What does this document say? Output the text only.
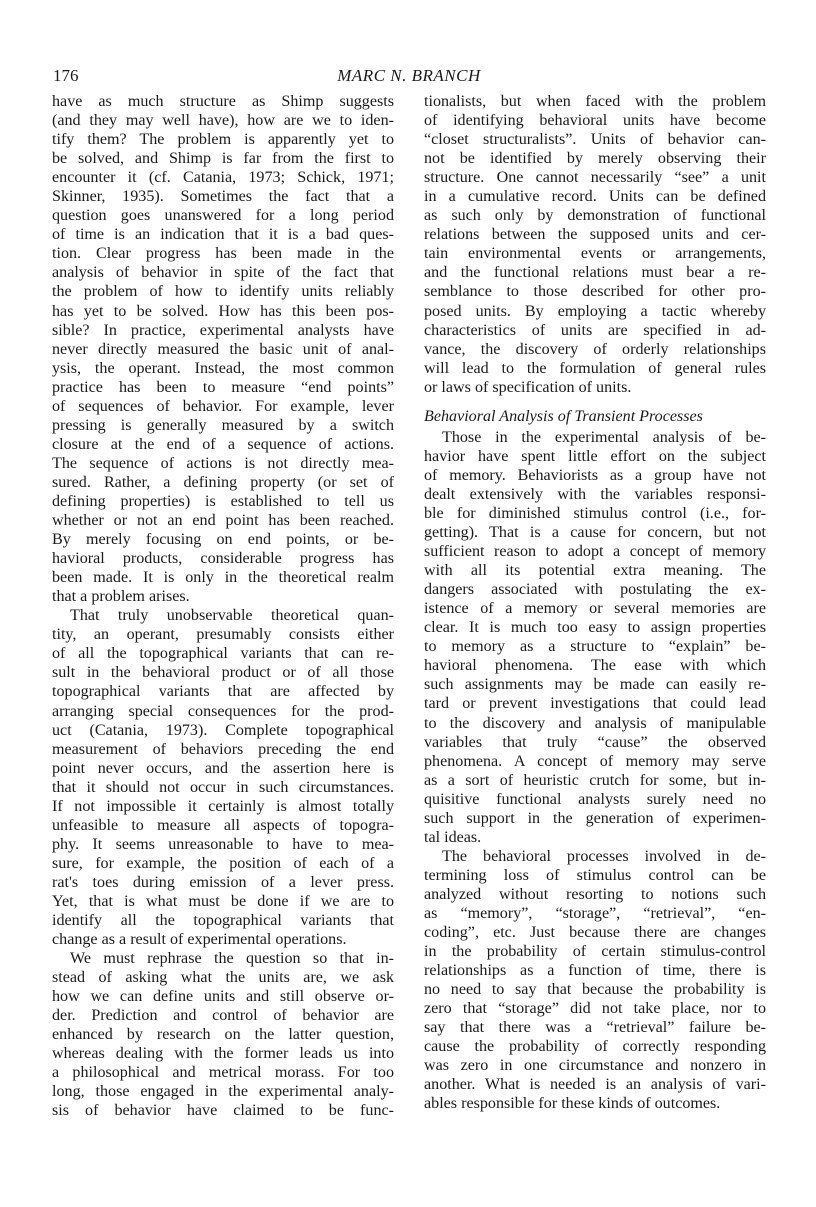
176	MARC N. BRANCH
have as much structure as Shimp suggests
(and they may well have), how are we to iden-
tify them? The problem is apparently yet to
be solved, and Shimp is far from the first to
encounter it (cf. Catania, 1973; Schick, 1971;
Skinner, 1935). Sometimes the fact that a
question goes unanswered for a long period
of time is an indication that it is a bad ques-
tion. Clear progress has been made in the
analysis of behavior in spite of the fact that
the problem of how to identify units reliably
has yet to be solved. How has this been pos-
sible? In practice, experimental analysts have
never directly measured the basic unit of anal-
ysis, the operant. Instead, the most common
practice has been to measure “end points”
of sequences of behavior. For example, lever
pressing is generally measured by a switch
closure at the end of a sequence of actions.
The sequence of actions is not directly mea-
sured. Rather, a defining property (or set of
defining properties) is established to tell us
whether or not an end point has been reached.
By merely focusing on end points, or be-
havioral products, considerable progress has
been made. It is only in the theoretical realm
that a problem arises.
That truly unobservable theoretical quan-
tity, an operant, presumably consists either
of all the topographical variants that can re-
sult in the behavioral product or of all those
topographical variants that are affected by
arranging special consequences for the prod-
uct (Catania, 1973). Complete topographical
measurement of behaviors preceding the end
point never occurs, and the assertion here is
that it should not occur in such circumstances.
If not impossible it certainly is almost totally
unfeasible to measure all aspects of topogra-
phy. It seems unreasonable to have to mea-
sure, for example, the position of each of a
rat's toes during emission of a lever press.
Yet, that is what must be done if we are to
identify all the topographical variants that
change as a result of experimental operations.
We must rephrase the question so that in-
stead of asking what the units are, we ask
how we can define units and still observe or-
der. Prediction and control of behavior are
enhanced by research on the latter question,
whereas dealing with the former leads us into
a philosophical and metrical morass. For too
long, those engaged in the experimental analy-
sis of behavior have claimed to be func-
tionalists, but when faced with the problem
of identifying behavioral units have become
“closet structuralists”. Units of behavior can-
not be identified by merely observing their
structure. One cannot necessarily “see” a unit
in a cumulative record. Units can be defined
as such only by demonstration of functional
relations between the supposed units and cer-
tain environmental events or arrangements,
and the functional relations must bear a re-
semblance to those described for other pro-
posed units. By employing a tactic whereby
characteristics of units are specified in ad-
vance, the discovery of orderly relationships
will lead to the formulation of general rules
or laws of specification of units.
Behavioral Analysis of Transient Processes
Those in the experimental analysis of be-
havior have spent little effort on the subject
of memory. Behaviorists as a group have not
dealt extensively with the variables responsi-
ble for diminished stimulus control (i.e., for-
getting). That is a cause for concern, but not
sufficient reason to adopt a concept of memory
with all its potential extra meaning. The
dangers associated with postulating the ex-
istence of a memory or several memories are
clear. It is much too easy to assign properties
to memory as a structure to “explain” be-
havioral phenomena. The ease with which
such assignments may be made can easily re-
tard or prevent investigations that could lead
to the discovery and analysis of manipulable
variables that truly “cause” the observed
phenomena. A concept of memory may serve
as a sort of heuristic crutch for some, but in-
quisitive functional analysts surely need no
such support in the generation of experimen-
tal ideas.
The behavioral processes involved in de-
termining loss of stimulus control can be
analyzed without resorting to notions such
as “memory”, “storage”, “retrieval”, “en-
coding”, etc. Just because there are changes
in the probability of certain stimulus-control
relationships as a function of time, there is
no need to say that because the probability is
zero that “storage” did not take place, nor to
say that there was a “retrieval” failure be-
cause the probability of correctly responding
was zero in one circumstance and nonzero in
another. What is needed is an analysis of vari-
ables responsible for these kinds of outcomes.
